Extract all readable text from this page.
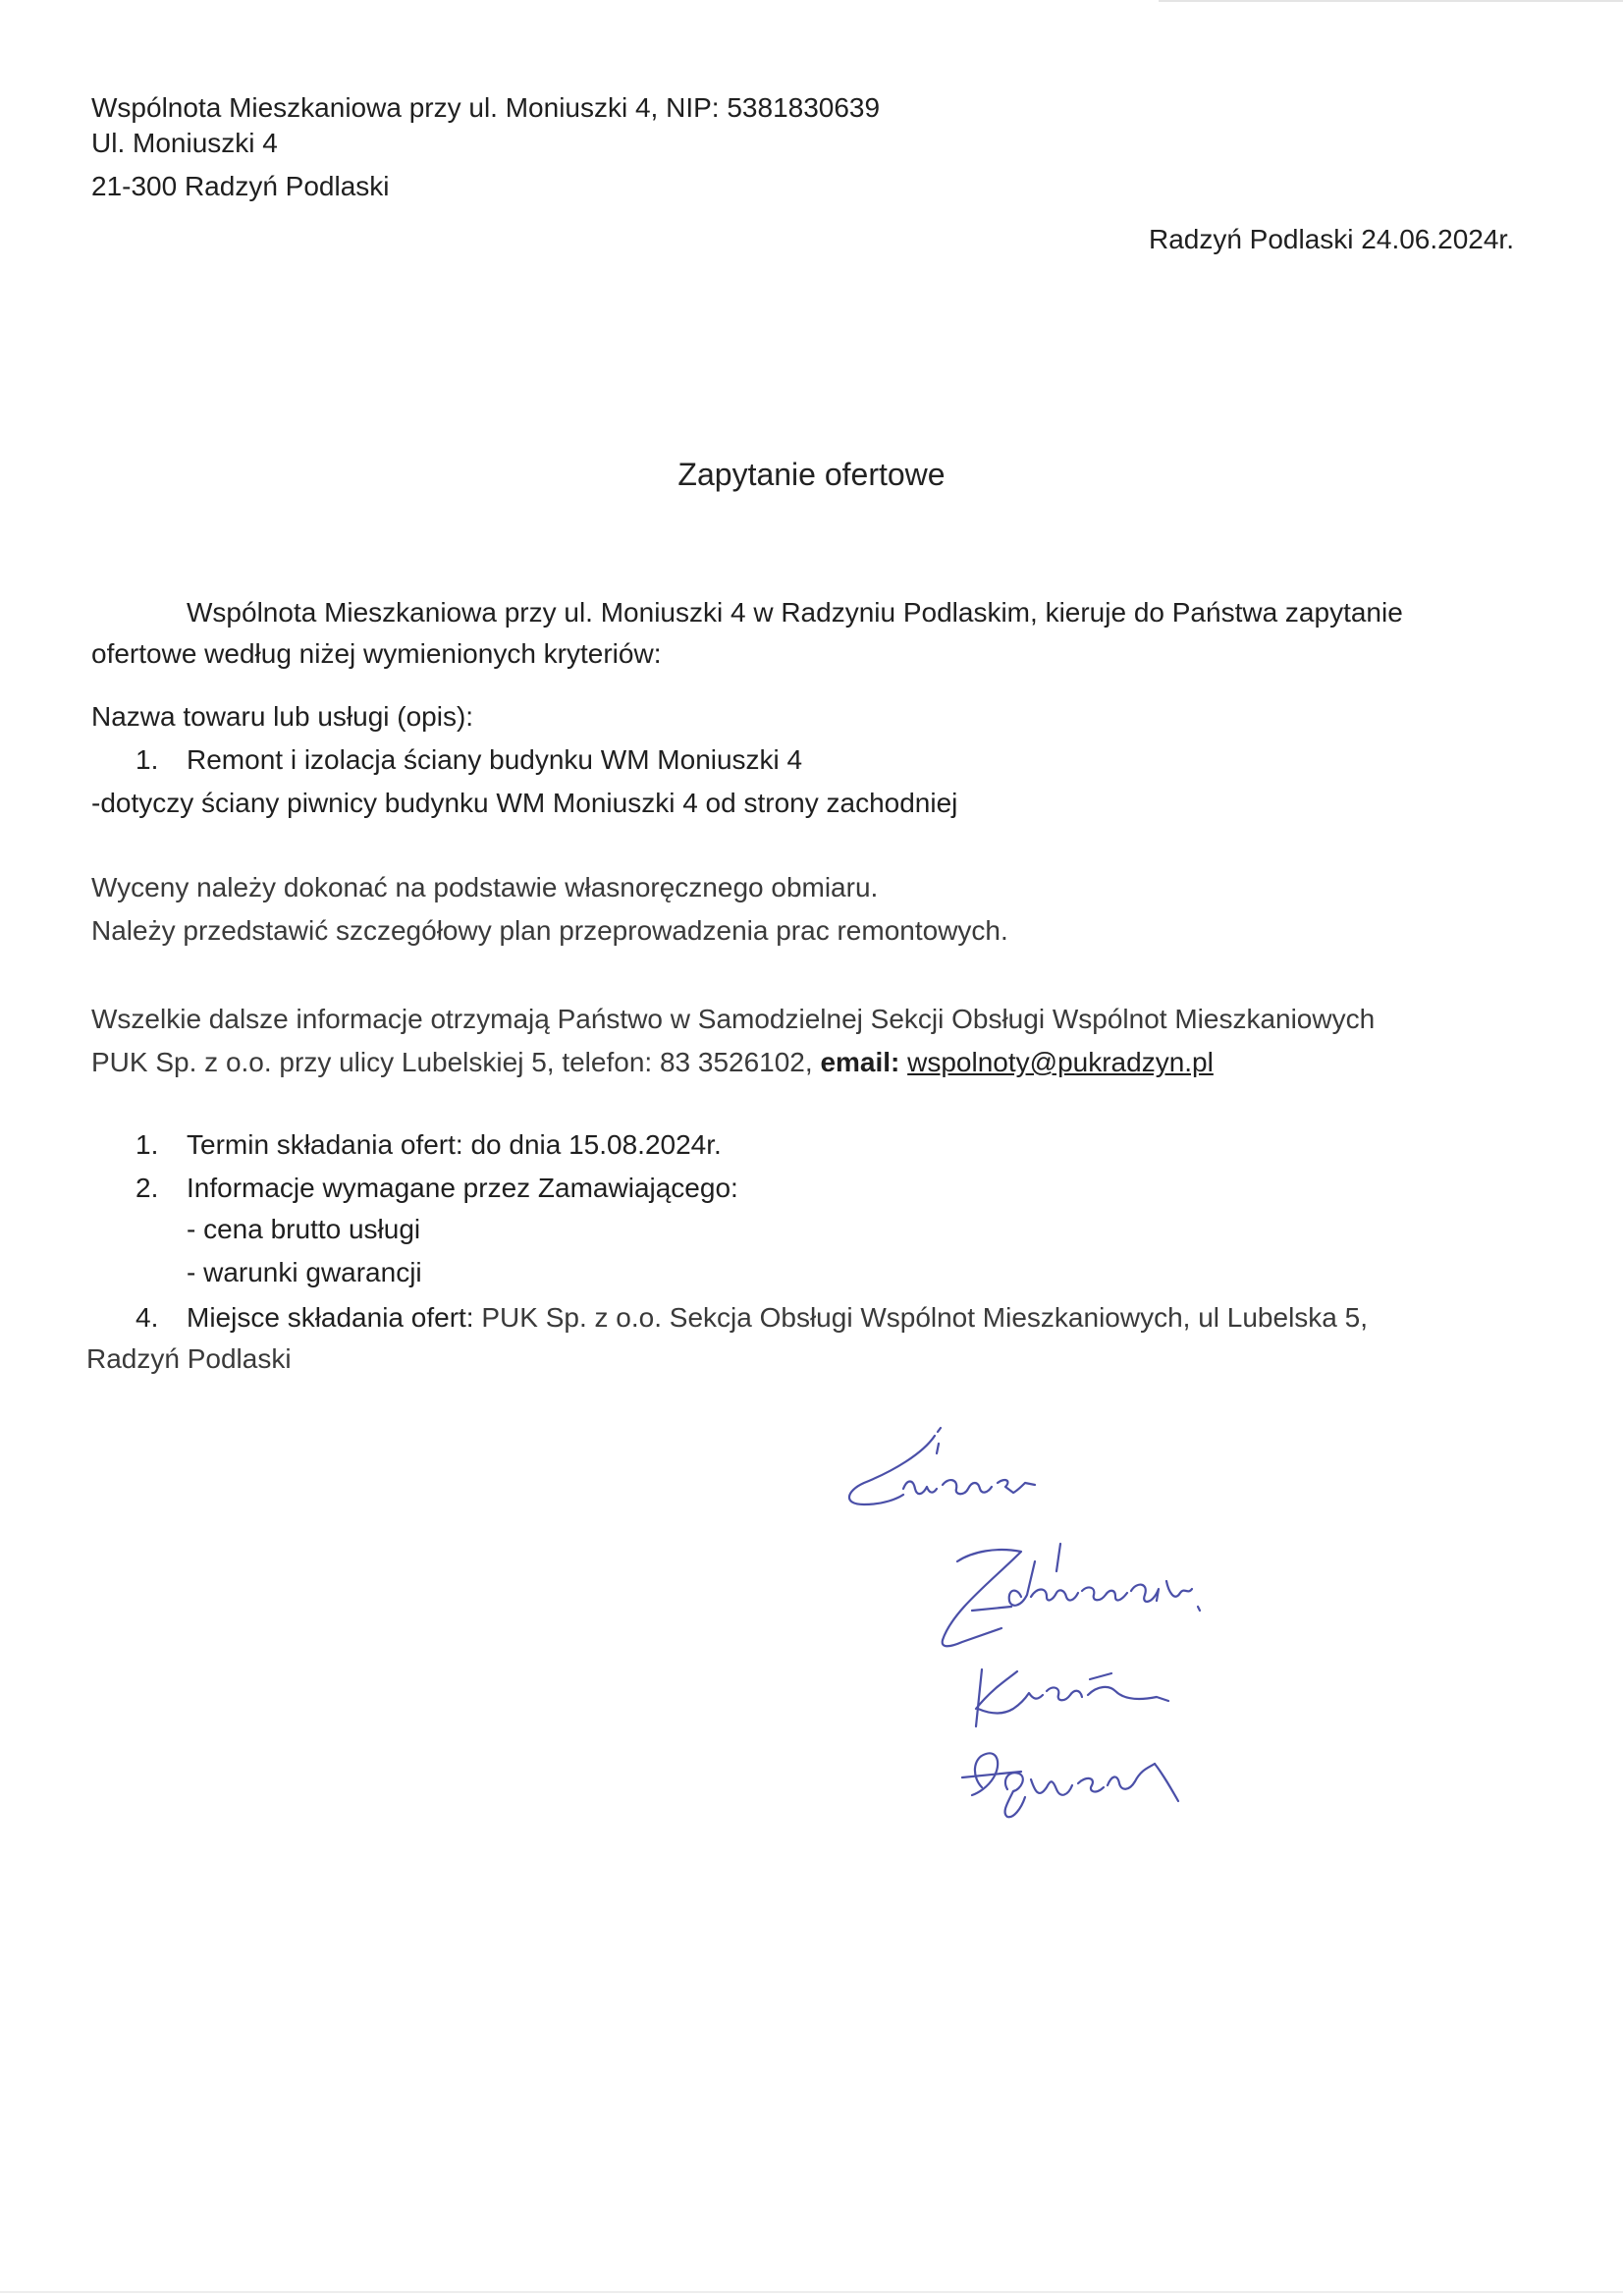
Wspólnota Mieszkaniowa przy ul. Moniuszki 4, NIP: 5381830639
Ul. Moniuszki 4
21-300 Radzyń Podlaski
Radzyń Podlaski 24.06.2024r.
Zapytanie ofertowe
Wspólnota Mieszkaniowa przy ul. Moniuszki 4 w Radzyniu Podlaskim, kieruje do Państwa zapytanie
ofertowe według niżej wymienionych kryteriów:
Nazwa towaru lub usługi (opis):
1. Remont i izolacja ściany budynku WM Moniuszki 4
-dotyczy ściany piwnicy budynku WM Moniuszki 4 od strony zachodniej
Wyceny należy dokonać na podstawie własnoręcznego obmiaru.
Należy przedstawić szczegółowy plan przeprowadzenia prac remontowych.
Wszelkie dalsze informacje otrzymają Państwo w Samodzielnej Sekcji Obsługi Wspólnot Mieszkaniowych
PUK Sp. z o.o. przy ulicy Lubelskiej 5, telefon: 83 3526102, email: wspolnoty@pukradzyn.pl
1. Termin składania ofert: do dnia 15.08.2024r.
2. Informacje wymagane przez Zamawiającego:
- cena brutto usługi
- warunki gwarancji
4. Miejsce składania ofert: PUK Sp. z o.o. Sekcja Obsługi Wspólnot Mieszkaniowych, ul Lubelska 5,
Radzyń Podlaski
